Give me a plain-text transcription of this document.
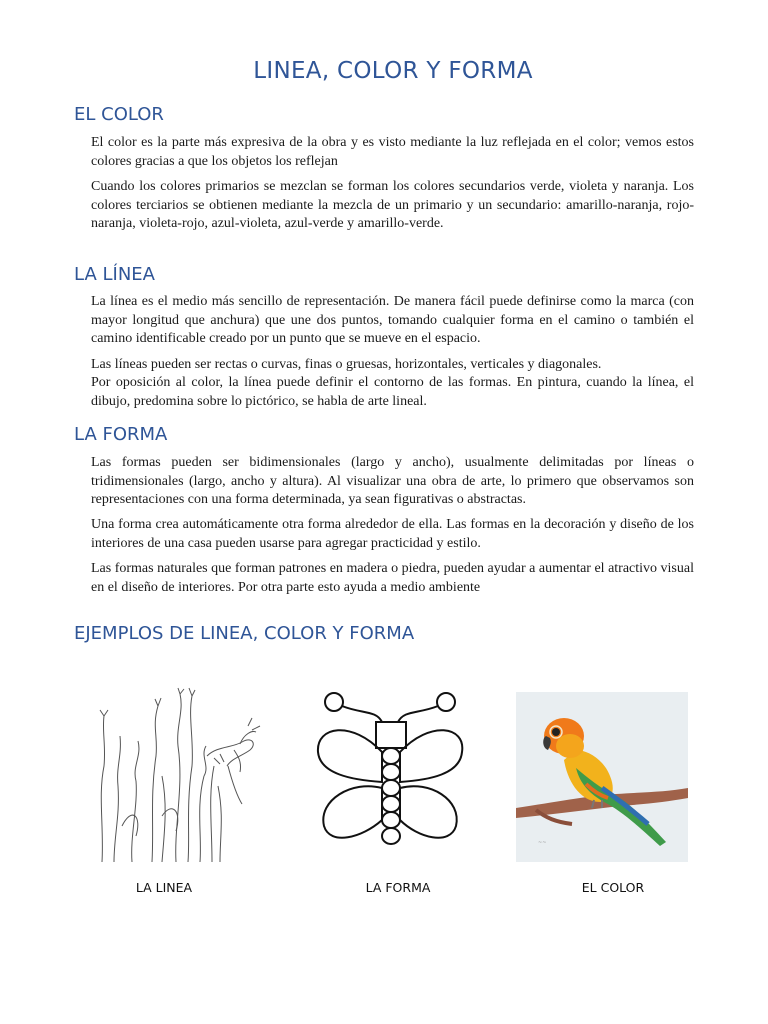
LINEA, COLOR Y FORMA
EL COLOR
El color es la parte más expresiva de la obra y es visto mediante la luz reflejada en el color; vemos estos colores gracias a que los objetos los reflejan
Cuando los colores primarios se mezclan se forman los colores secundarios verde, violeta y naranja. Los colores terciarios se obtienen mediante la mezcla de un primario y un secundario: amarillo-naranja, rojo-naranja, violeta-rojo, azul-violeta, azul-verde y amarillo-verde.
LA LÍNEA
La línea es el medio más sencillo de representación. De manera fácil puede definirse como la marca (con mayor longitud que anchura) que une dos puntos, tomando cualquier forma en el camino o también el camino identificable creado por un punto que se mueve en el espacio.
Las líneas pueden ser rectas o curvas, finas o gruesas, horizontales, verticales y diagonales.
Por oposición al color, la línea puede definir el contorno de las formas. En pintura, cuando la línea, el dibujo, predomina sobre lo pictórico, se habla de arte lineal.
LA FORMA
Las formas pueden ser bidimensionales (largo y ancho), usualmente delimitadas por líneas o tridimensionales (largo, ancho y altura). Al visualizar una obra de arte, lo primero que observamos son representaciones con una forma determinada, ya sean figurativas o abstractas.
Una forma crea automáticamente otra forma alrededor de ella. Las formas en la decoración y diseño de los interiores de una casa pueden usarse para agregar practicidad y estilo.
Las formas naturales que forman patrones en madera o piedra, pueden ayudar a aumentar el atractivo visual en el diseño de interiores. Por otra parte esto ayuda a medio ambiente
EJEMPLOS DE LINEA, COLOR Y FORMA
~~
LA LINEA	LA FORMA	EL COLOR
